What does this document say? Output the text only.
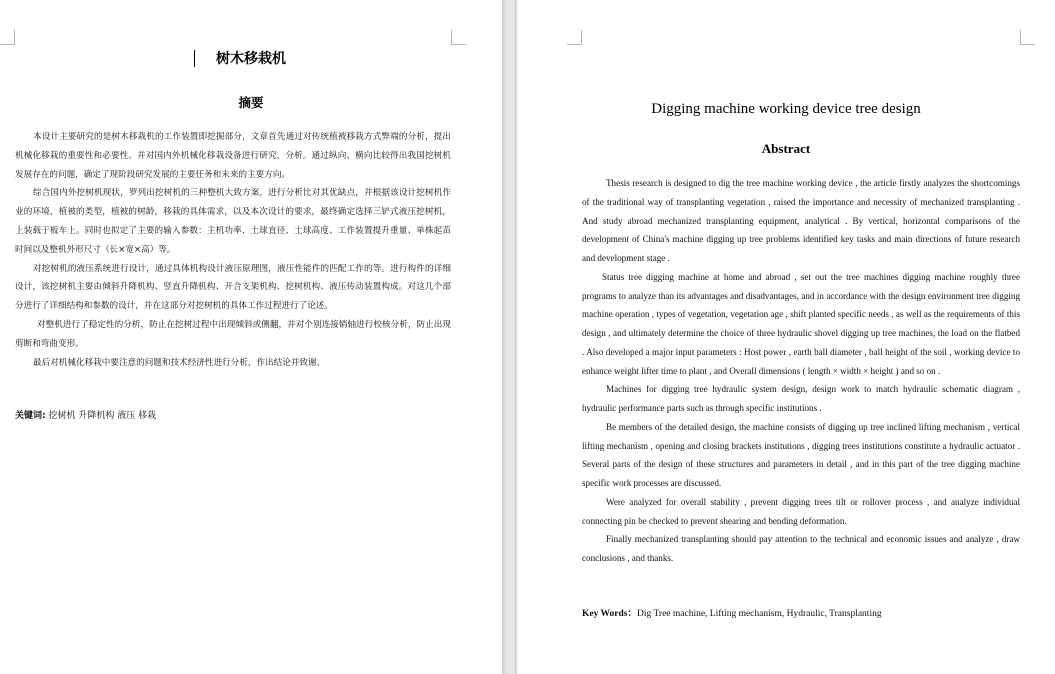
树木移栽机
摘要

本设计主要研究的是树木移栽机的工作装置即挖掘部分，文章首先通过对传统植被移栽方式弊端的分析，提出机械化移栽的重要性和必要性。并对国内外机械化移栽设备进行研究，分析。通过纵向、横向比较得出我国挖树机发展存在的问题，确定了现阶段研究发展的主要任务和未来的主要方向。

综合国内外挖树机现状，罗列出挖树机的三种整机大致方案，进行分析比对其优缺点，并根据该设计挖树机作业的环境，植被的类型，植被的树龄，移栽的具体需求，以及本次设计的要求，最终确定选择三铲式液压挖树机，上装载于板车上。同时也拟定了主要的输入参数：主机功率、土球直径、土球高度、工作装置提升重量、单株起苗时间以及整机外形尺寸（长×宽×高）等。

对挖树机的液压系统进行设计，通过具体机构设计液压原理图，液压性能件的匹配工作的等。进行构件的详细设计，该挖树机主要由倾斜升降机构、竖直升降机构、开合支架机构、挖树机构、液压传动装置构成。对这几个部分进行了详细结构和参数的设计，并在这部分对挖树机的具体工作过程进行了论述。

对整机进行了稳定性的分析，防止在挖树过程中出现倾斜或侧翻，并对个别连接销轴进行校核分析，防止出现剪断和弯曲变形。

最后对机械化移栽中要注意的问题和技术经济性进行分析，作出结论并致谢。

关键词: 挖树机 升降机构 液压 移栽
Digging machine working device tree design
Abstract

Thesis research is designed to dig the tree machine working device , the article firstly analyzes the shortcomings of the traditional way of transplanting vegetation , raised the importance and necessity of mechanized transplanting . And study abroad mechanized transplanting equipment, analytical . By vertical, horizontal comparisons of the development of China's machine digging up tree problems identified key tasks and main directions of future research and development stage .

Status tree digging machine at home and abroad , set out the tree machines digging machine roughly three programs to analyze than its advantages and disadvantages, and in accordance with the design environment tree digging machine operation , types of vegetation, vegetation age , shift planted specific needs , as well as the requirements of this design , and ultimately determine the choice of three hydraulic shovel digging up tree machines, the load on the flatbed . Also developed a major input parameters : Host power , earth ball diameter , ball height of the soil , working device to enhance weight lifter time to plant , and Overall dimensions ( length × width × height ) and so on .

Machines for digging tree hydraulic system design, design work to match hydraulic schematic diagram , hydraulic performance parts such as through specific institutions .

Be members of the detailed design, the machine consists of digging up tree inclined lifting mechanism , vertical lifting mechanism , opening and closing brackets institutions , digging trees institutions constitute a hydraulic actuator . Several parts of the design of these structures and parameters in detail , and in this part of the tree digging machine specific work processes are discussed.

Were analyzed for overall stability , prevent digging trees tilt or rollover process , and analyze individual connecting pin be checked to prevent shearing and bending deformation.

Finally mechanized transplanting should pay attention to the technical and economic issues and analyze , draw conclusions , and thanks.

Key Words：Dig Tree machine, Lifting mechanism, Hydraulic, Transplanting
